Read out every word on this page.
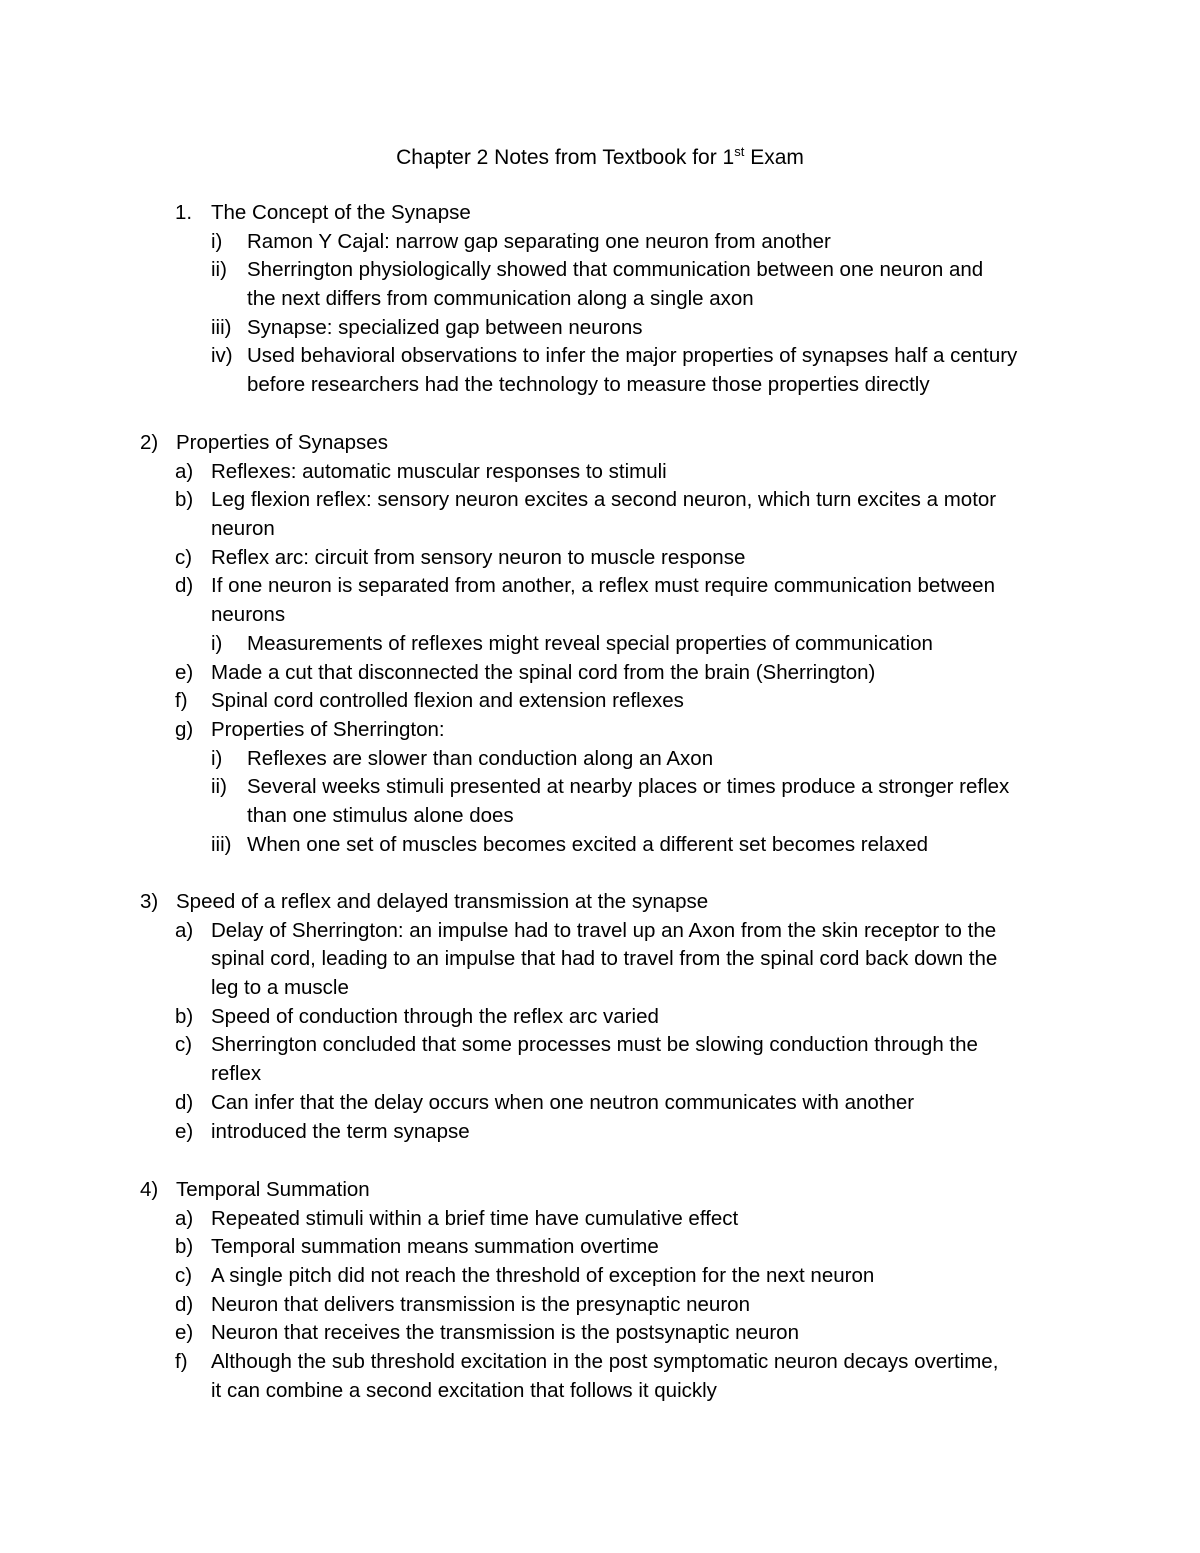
Chapter 2 Notes from Textbook for 1st Exam
1. The Concept of the Synapse
i) Ramon Y Cajal: narrow gap separating one neuron from another
ii) Sherrington physiologically showed that communication between one neuron and
the next differs from communication along a single axon
iii) Synapse: specialized gap between neurons
iv) Used behavioral observations to infer the major properties of synapses half a century
before researchers had the technology to measure those properties directly
2) Properties of Synapses
a) Reflexes: automatic muscular responses to stimuli
b) Leg flexion reflex: sensory neuron excites a second neuron, which turn excites a motor
neuron
c) Reflex arc: circuit from sensory neuron to muscle response
d) If one neuron is separated from another, a reflex must require communication between
neurons
i) Measurements of reflexes might reveal special properties of communication
e) Made a cut that disconnected the spinal cord from the brain (Sherrington)
f) Spinal cord controlled flexion and extension reflexes
g) Properties of Sherrington:
i) Reflexes are slower than conduction along an Axon
ii) Several weeks stimuli presented at nearby places or times produce a stronger reflex
than one stimulus alone does
iii) When one set of muscles becomes excited a different set becomes relaxed
3) Speed of a reflex and delayed transmission at the synapse
a) Delay of Sherrington: an impulse had to travel up an Axon from the skin receptor to the
spinal cord, leading to an impulse that had to travel from the spinal cord back down the
leg to a muscle
b) Speed of conduction through the reflex arc varied
c) Sherrington concluded that some processes must be slowing conduction through the
reflex
d) Can infer that the delay occurs when one neutron communicates with another
e) introduced the term synapse
4) Temporal Summation
a) Repeated stimuli within a brief time have cumulative effect
b) Temporal summation means summation overtime
c) A single pitch did not reach the threshold of exception for the next neuron
d) Neuron that delivers transmission is the presynaptic neuron
e) Neuron that receives the transmission is the postsynaptic neuron
f) Although the sub threshold excitation in the post symptomatic neuron decays overtime,
it can combine a second excitation that follows it quickly
